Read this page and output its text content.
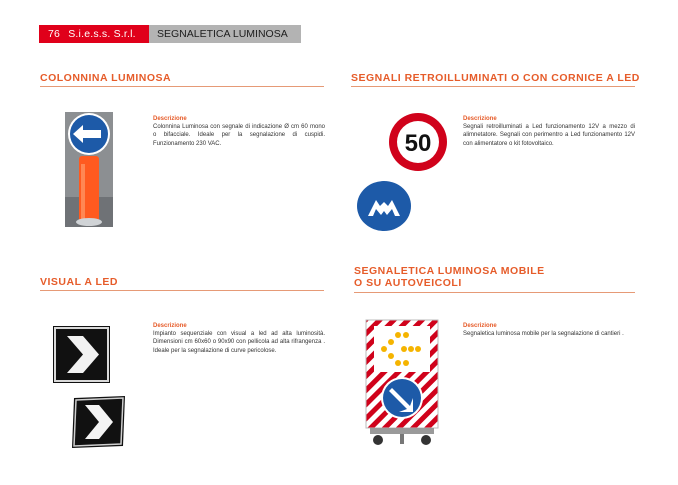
76 S.i.e.s.s. S.r.l.	SEGNALETICA LUMINOSA
COLONNINA LUMINOSA
Descrizione
Colonnina Luminosa con segnale di indicazione Ø cm 60 mono o bifacciale. Ideale per la segnalazione di cuspidi. Funzionamento 230 VAC.
SEGNALI RETROILLUMINATI O CON CORNICE A LED
50
Descrizione
Segnali retroilluminati a Led funzionamento 12V a mezzo di alimnetatore. Segnali con perimentro a Led funzionamento 12V con alimentatore o kit fotovoltaico.
VISUAL A LED
Descrizione
Impianto sequenziale con visual a led ad alta luminosità. Dimensioni cm 60x60 o 90x90 con pellicola ad alta rifrangenza . Ideale per la segnalazione di curve pericolose.
SEGNALETICA LUMINOSA MOBILE
O SU AUTOVEICOLI
Descrizione
Segnaletica luminosa mobile per la segnalazione di cantieri .
